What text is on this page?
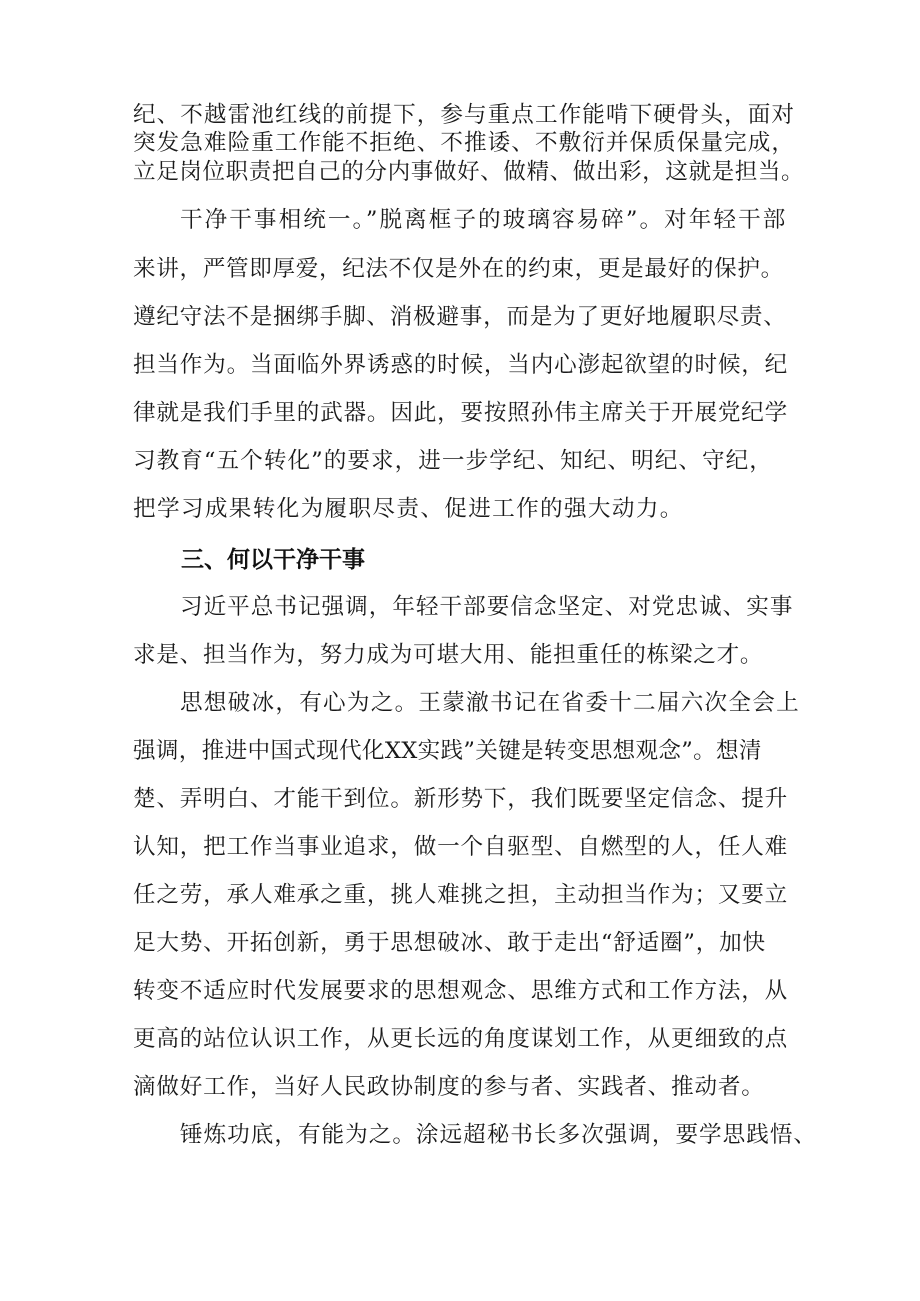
纪、不越雷池红线的前提下，参与重点工作能啃下硬骨头，面对

突发急难险重工作能不拒绝、不推诿、不敷衍并保质保量完成，

立足岗位职责把自己的分内事做好、做精、做出彩，这就是担当。

干净干事相统一。”脱离框子的玻璃容易碎”。对年轻干部

来讲，严管即厚爱，纪法不仅是外在的约束，更是最好的保护。

遵纪守法不是捆绑手脚、消极避事，而是为了更好地履职尽责、

担当作为。当面临外界诱惑的时候，当内心澎起欲望的时候，纪

律就是我们手里的武器。因此，要按照孙伟主席关于开展党纪学

习教育“五个转化”的要求，进一步学纪、知纪、明纪、守纪，

把学习成果转化为履职尽责、促进工作的强大动力。

三、何以干净干事

习近平总书记强调，年轻干部要信念坚定、对党忠诚、实事

求是、担当作为，努力成为可堪大用、能担重任的栋梁之才。

思想破冰，有心为之。王蒙澈书记在省委十二届六次全会上

强调，推进中国式现代化XX实践”关键是转变思想观念”。想清

楚、弄明白、才能干到位。新形势下，我们既要坚定信念、提升

认知，把工作当事业追求，做一个自驱型、自燃型的人，任人难

任之劳，承人难承之重，挑人难挑之担，主动担当作为；又要立

足大势、开拓创新，勇于思想破冰、敢于走出“舒适圈”，加快

转变不适应时代发展要求的思想观念、思维方式和工作方法，从

更高的站位认识工作，从更长远的角度谋划工作，从更细致的点

滴做好工作，当好人民政协制度的参与者、实践者、推动者。

锤炼功底，有能为之。涂远超秘书长多次强调，要学思践悟、
